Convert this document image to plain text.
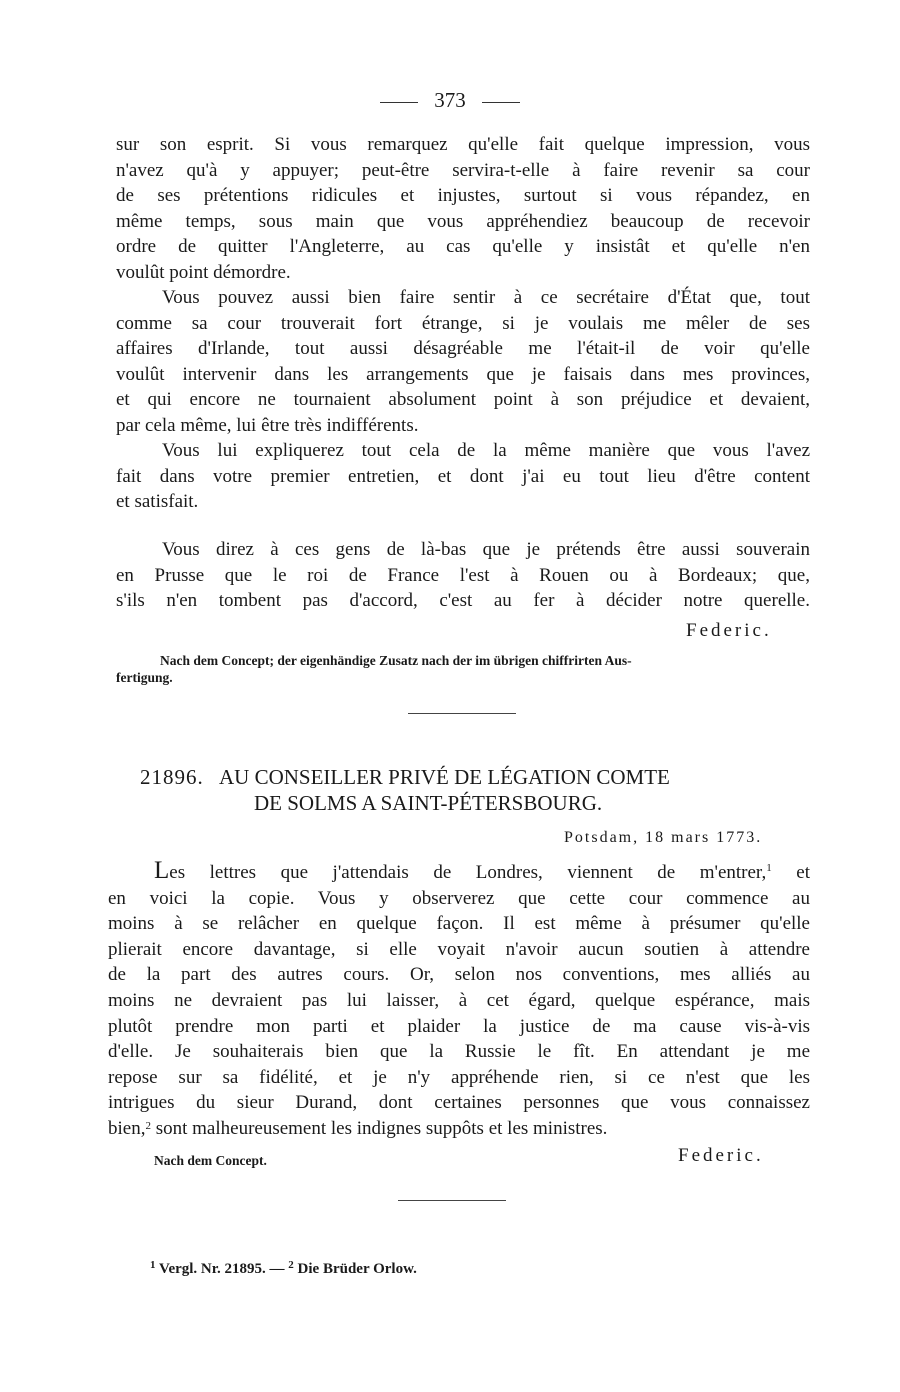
373
sur son esprit. Si vous remarquez qu'elle fait quelque impression, vous
n'avez qu'à y appuyer; peut-être servira-t-elle à faire revenir sa cour
de ses prétentions ridicules et injustes, surtout si vous répandez, en
même temps, sous main que vous appréhendiez beaucoup de recevoir
ordre de quitter l'Angleterre, au cas qu'elle y insistât et qu'elle n'en
voulût point démordre.
Vous pouvez aussi bien faire sentir à ce secrétaire d'État que, tout
comme sa cour trouverait fort étrange, si je voulais me mêler de ses
affaires d'Irlande, tout aussi désagréable me l'était-il de voir qu'elle
voulût intervenir dans les arrangements que je faisais dans mes provinces,
et qui encore ne tournaient absolument point à son préjudice et devaient,
par cela même, lui être très indifférents.
Vous lui expliquerez tout cela de la même manière que vous l'avez
fait dans votre premier entretien, et dont j'ai eu tout lieu d'être content
et satisfait.
Vous direz à ces gens de là-bas que je prétends être aussi souverain
en Prusse que le roi de France l'est à Rouen ou à Bordeaux; que,
s'ils n'en tombent pas d'accord, c'est au fer à décider notre querelle.
Federic.
Nach dem Concept; der eigenhändige Zusatz nach der im übrigen chiffrirten Aus-
fertigung.
21896. AU CONSEILLER PRIVÉ DE LÉGATION COMTE
DE SOLMS A SAINT-PÉTERSBOURG.
Potsdam, 18 mars 1773.
Les lettres que j'attendais de Londres, viennent de m'entrer,$^1$ et
en voici la copie. Vous y observerez que cette cour commence au
moins à se relâcher en quelque façon. Il est même à présumer qu'elle
plierait encore davantage, si elle voyait n'avoir aucun soutien à attendre
de la part des autres cours. Or, selon nos conventions, mes alliés au
moins ne devraient pas lui laisser, à cet égard, quelque espérance, mais
plutôt prendre mon parti et plaider la justice de ma cause vis-à-vis
d'elle. Je souhaiterais bien que la Russie le fît. En attendant je me
repose sur sa fidélité, et je n'y appréhende rien, si ce n'est que les
intrigues du sieur Durand, dont certaines personnes que vous connaissez
bien,$^2$ sont malheureusement les indignes suppôts et les ministres.
Nach dem Concept.	Federic.
$^1$ Vergl. Nr. 21895. — $^2$ Die Brüder Orlow.
